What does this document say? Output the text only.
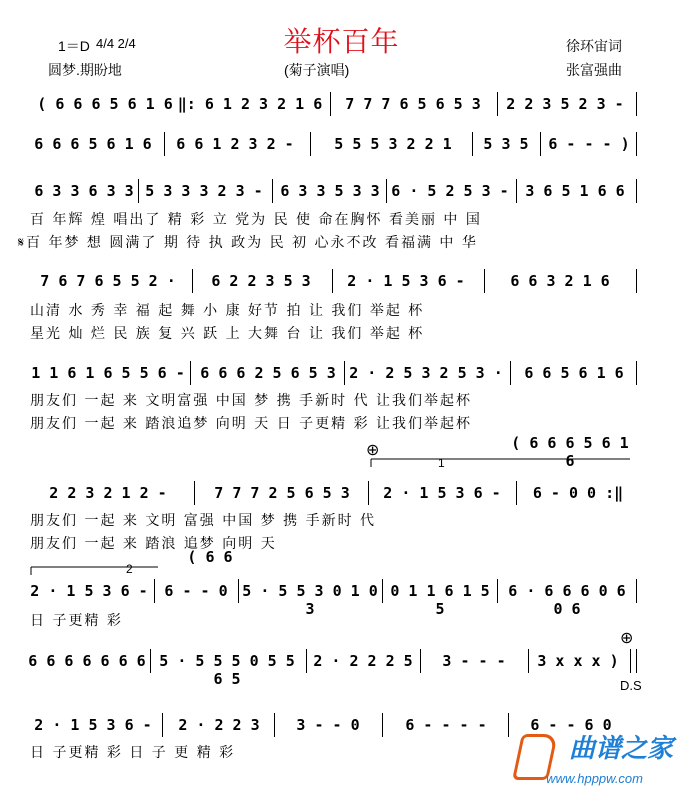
举杯百年
1＝D 4/4 2/4
圆梦.期盼地	(菊子演唱)
徐环宙词
张富强曲
( 6 6 6 5 6 1 6 ‖: 6 1 2 3 2 1 6	7 7 7 6 5 6 5 3	2 2 3 5 2 3 -
6 6 6 5 6 1 6	6 6 1 2 3 2 -	5 5 5 3 2 2 1	5 3 5	6 - - - )
6 3 3 6 3 3 5 3 3 3 2 3 -	6 3 3 5 3 3 6 · 5 2 5 3 -	3 6 5 1 6 6
百 年辉 煌 唱出了 精 彩 立 党为 民 使 命在胸怀 看美丽 中 国
𝄋百 年梦 想 圆满了 期 待 执 政为 民 初 心永不改 看福满 中 华
7 6 7 6 5 5 2 ·	6 2 2 3 5 3	2 · 1 5 3 6 -	6 6 3 2 1 6
山清 水 秀 幸 福 起 舞 小 康 好节 拍 让 我们 举起 杯
星光 灿 烂 民 族 复 兴 跃 上 大舞 台 让 我们 举起 杯
1 1 6 1 6 5 5 6 -	6 6 6 2 5 6 5 3 2 · 2 5 3 2 5 3 ·	6 6 5 6 1 6
朋友们 一起 来 文明富强 中国 梦 携 手新时 代 让我们举起杯
朋友们 一起 来 踏浪追梦 向明 天 日 子更精 彩 让我们举起杯
⊕
1
( 6 6 6 5 6 1 6
2 2 3 2 1 2 -	7 7 7 2 5 6 5 3	2 · 1 5 3 6 -	6 - 0 0 :‖
朋友们 一起 来 文明 富强 中国 梦 携 手新时 代
朋友们 一起 来 踏浪 追梦 向明 天
2
( 6 6
2 · 1 5 3 6 -	6 - - 0 5 · 5 5 3 0 1 0 3
0 1 1 6 1 5 5
6 · 6 6 6 0 6 0 6
日 子更精 彩
⊕
6 6 6 6 6 6 6 5 · 5 5 5 0 5 5 6 5
2 · 2 2 2 5	3 - - -	3 x x x )
D.S
2 · 1 5 3 6 -	2 · 2 2 3	3 - - 0	6 - - - -	6 - - 6 0
日 子更精 彩 日 子 更 精 彩	曲谱之家
www.hpppw.com
